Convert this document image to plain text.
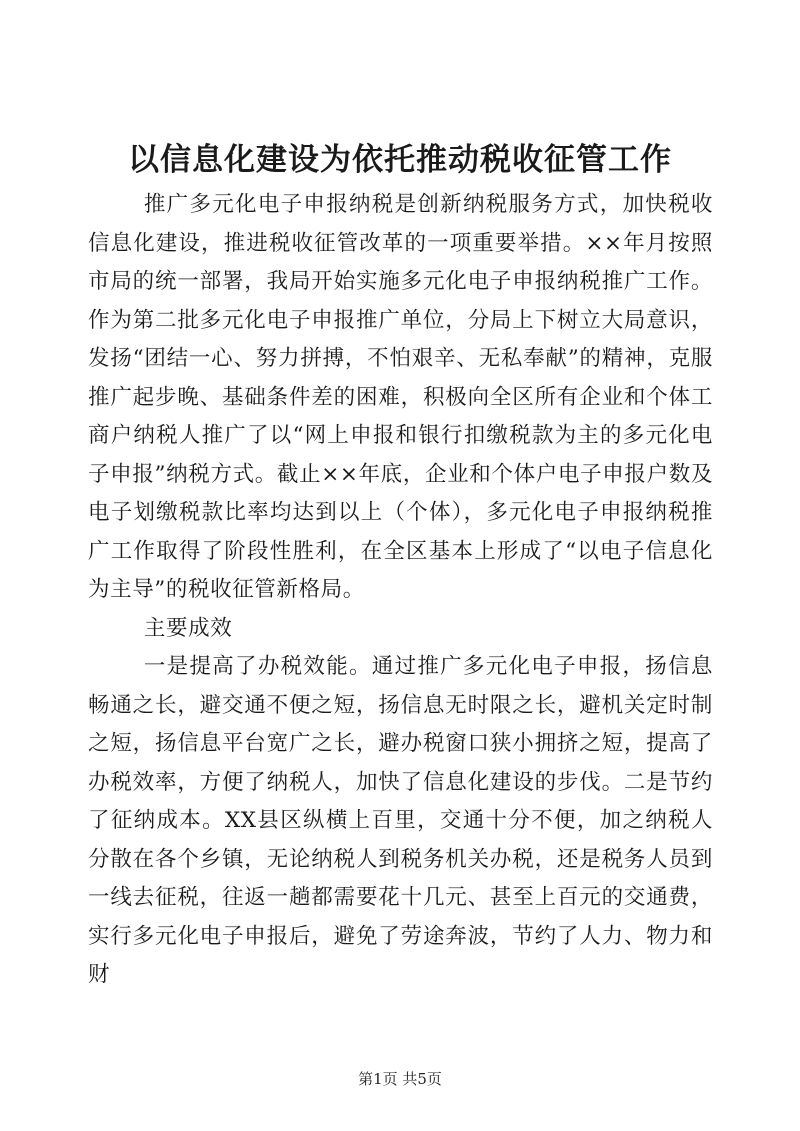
以信息化建设为依托推动税收征管工作

推广多元化电子申报纳税是创新纳税服务方式，加快税收信息化建设，推进税收征管改革的一项重要举措。××年月按照市局的统一部署，我局开始实施多元化电子申报纳税推广工作。作为第二批多元化电子申报推广单位，分局上下树立大局意识，发扬“团结一心、努力拼搏，不怕艰辛、无私奉献”的精神，克服推广起步晚、基础条件差的困难，积极向全区所有企业和个体工商户纳税人推广了以“网上申报和银行扣缴税款为主的多元化电子申报”纳税方式。截止××年底，企业和个体户电子申报户数及电子划缴税款比率均达到以上（个体），多元化电子申报纳税推广工作取得了阶段性胜利，在全区基本上形成了“以电子信息化为主导”的税收征管新格局。

主要成效

一是提高了办税效能。通过推广多元化电子申报，扬信息畅通之长，避交通不便之短，扬信息无时限之长，避机关定时制之短，扬信息平台宽广之长，避办税窗口狭小拥挤之短，提高了办税效率，方便了纳税人，加快了信息化建设的步伐。二是节约了征纳成本。XX县区纵横上百里，交通十分不便，加之纳税人分散在各个乡镇，无论纳税人到税务机关办税，还是税务人员到一线去征税，往返一趟都需要花十几元、甚至上百元的交通费，实行多元化电子申报后，避免了劳途奔波，节约了人力、物力和财

第1页 共5页
